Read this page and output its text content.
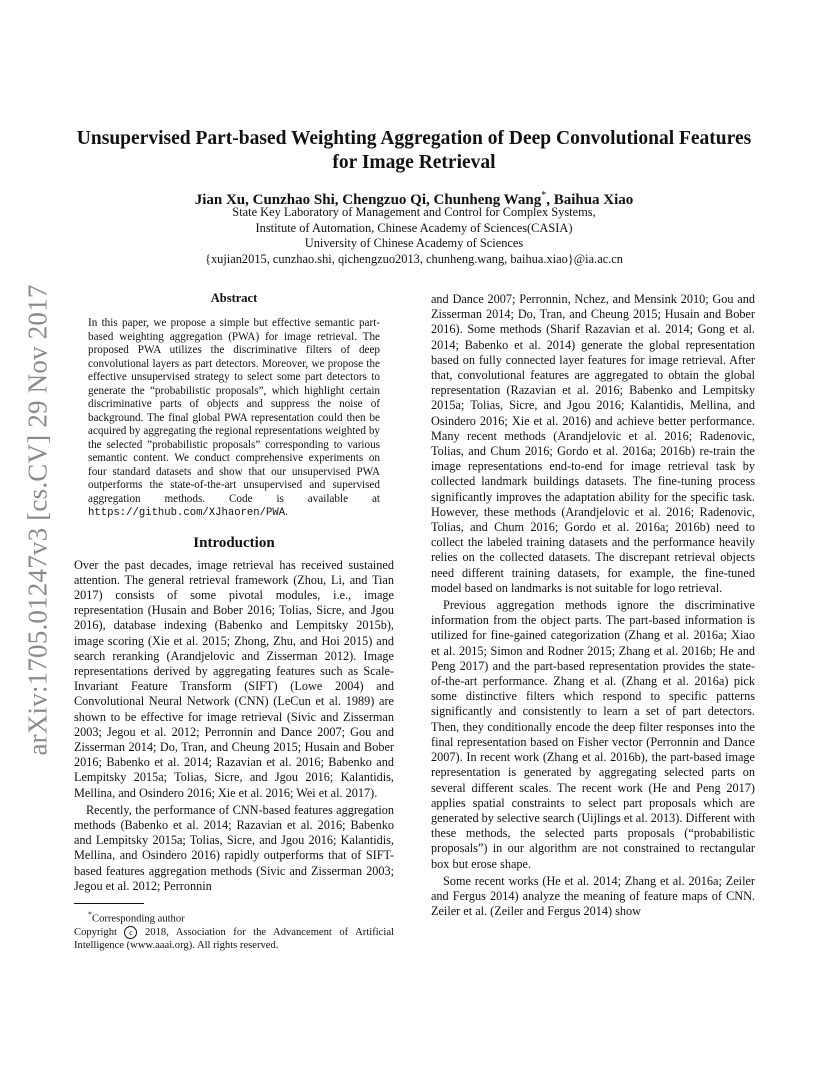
arXiv:1705.01247v3 [cs.CV] 29 Nov 2017
Unsupervised Part-based Weighting Aggregation of Deep Convolutional Features
for Image Retrieval
Jian Xu, Cunzhao Shi, Chengzuo Qi, Chunheng Wang*, Baihua Xiao
State Key Laboratory of Management and Control for Complex Systems,
Institute of Automation, Chinese Academy of Sciences(CASIA)
University of Chinese Academy of Sciences
{xujian2015, cunzhao.shi, qichengzuo2013, chunheng.wang, baihua.xiao}@ia.ac.cn
Abstract

In this paper, we propose a simple but effective semantic part-based weighting aggregation (PWA) for image retrieval. The proposed PWA utilizes the discriminative filters of deep convolutional layers as part detectors. Moreover, we propose the effective unsupervised strategy to select some part detectors to generate the “probabilistic proposals”, which highlight certain discriminative parts of objects and suppress the noise of background. The final global PWA representation could then be acquired by aggregating the regional representations weighted by the selected ”probabilistic proposals” corresponding to various semantic content. We conduct comprehensive experiments on four standard datasets and show that our unsupervised PWA outperforms the state-of-the-art unsupervised and supervised aggregation methods. Code is available at https://github.com/XJhaoren/PWA.

Introduction

Over the past decades, image retrieval has received sustained attention. The general retrieval framework (Zhou, Li, and Tian 2017) consists of some pivotal modules, i.e., image representation (Husain and Bober 2016; Tolias, Sicre, and Jgou 2016), database indexing (Babenko and Lempitsky 2015b), image scoring (Xie et al. 2015; Zhong, Zhu, and Hoi 2015) and search reranking (Arandjelovic and Zisserman 2012). Image representations derived by aggregating features such as Scale-Invariant Feature Transform (SIFT) (Lowe 2004) and Convolutional Neural Network (CNN) (LeCun et al. 1989) are shown to be effective for image retrieval (Sivic and Zisserman 2003; Jegou et al. 2012; Perronnin and Dance 2007; Gou and Zisserman 2014; Do, Tran, and Cheung 2015; Husain and Bober 2016; Babenko et al. 2014; Razavian et al. 2016; Babenko and Lempitsky 2015a; Tolias, Sicre, and Jgou 2016; Kalantidis, Mellina, and Osindero 2016; Xie et al. 2016; Wei et al. 2017).

Recently, the performance of CNN-based features aggregation methods (Babenko et al. 2014; Razavian et al. 2016; Babenko and Lempitsky 2015a; Tolias, Sicre, and Jgou 2016; Kalantidis, Mellina, and Osindero 2016) rapidly outperforms that of SIFT-based features aggregation methods (Sivic and Zisserman 2003; Jegou et al. 2012; Perronnin

*Corresponding author
Copyright c 2018, Association for the Advancement of Artificial Intelligence (www.aaai.org). All rights reserved.

and Dance 2007; Perronnin, Nchez, and Mensink 2010; Gou and Zisserman 2014; Do, Tran, and Cheung 2015; Husain and Bober 2016). Some methods (Sharif Razavian et al. 2014; Gong et al. 2014; Babenko et al. 2014) generate the global representation based on fully connected layer features for image retrieval. After that, convolutional features are aggregated to obtain the global representation (Razavian et al. 2016; Babenko and Lempitsky 2015a; Tolias, Sicre, and Jgou 2016; Kalantidis, Mellina, and Osindero 2016; Xie et al. 2016) and achieve better performance. Many recent methods (Arandjelovic et al. 2016; Radenovic, Tolias, and Chum 2016; Gordo et al. 2016a; 2016b) re-train the image representations end-to-end for image retrieval task by collected landmark buildings datasets. The fine-tuning process significantly improves the adaptation ability for the specific task. However, these methods (Arandjelovic et al. 2016; Radenovic, Tolias, and Chum 2016; Gordo et al. 2016a; 2016b) need to collect the labeled training datasets and the performance heavily relies on the collected datasets. The discrepant retrieval objects need different training datasets, for example, the fine-tuned model based on landmarks is not suitable for logo retrieval.

Previous aggregation methods ignore the discriminative information from the object parts. The part-based information is utilized for fine-gained categorization (Zhang et al. 2016a; Xiao et al. 2015; Simon and Rodner 2015; Zhang et al. 2016b; He and Peng 2017) and the part-based representation provides the state-of-the-art performance. Zhang et al. (Zhang et al. 2016a) pick some distinctive filters which respond to specific patterns significantly and consistently to learn a set of part detectors. Then, they conditionally encode the deep filter responses into the final representation based on Fisher vector (Perronnin and Dance 2007). In recent work (Zhang et al. 2016b), the part-based image representation is generated by aggregating selected parts on several different scales. The recent work (He and Peng 2017) applies spatial constraints to select part proposals which are generated by selective search (Uijlings et al. 2013). Different with these methods, the selected parts proposals (“probabilistic proposals”) in our algorithm are not constrained to rectangular box but erose shape.

Some recent works (He et al. 2014; Zhang et al. 2016a; Zeiler and Fergus 2014) analyze the meaning of feature maps of CNN. Zeiler et al. (Zeiler and Fergus 2014) show
